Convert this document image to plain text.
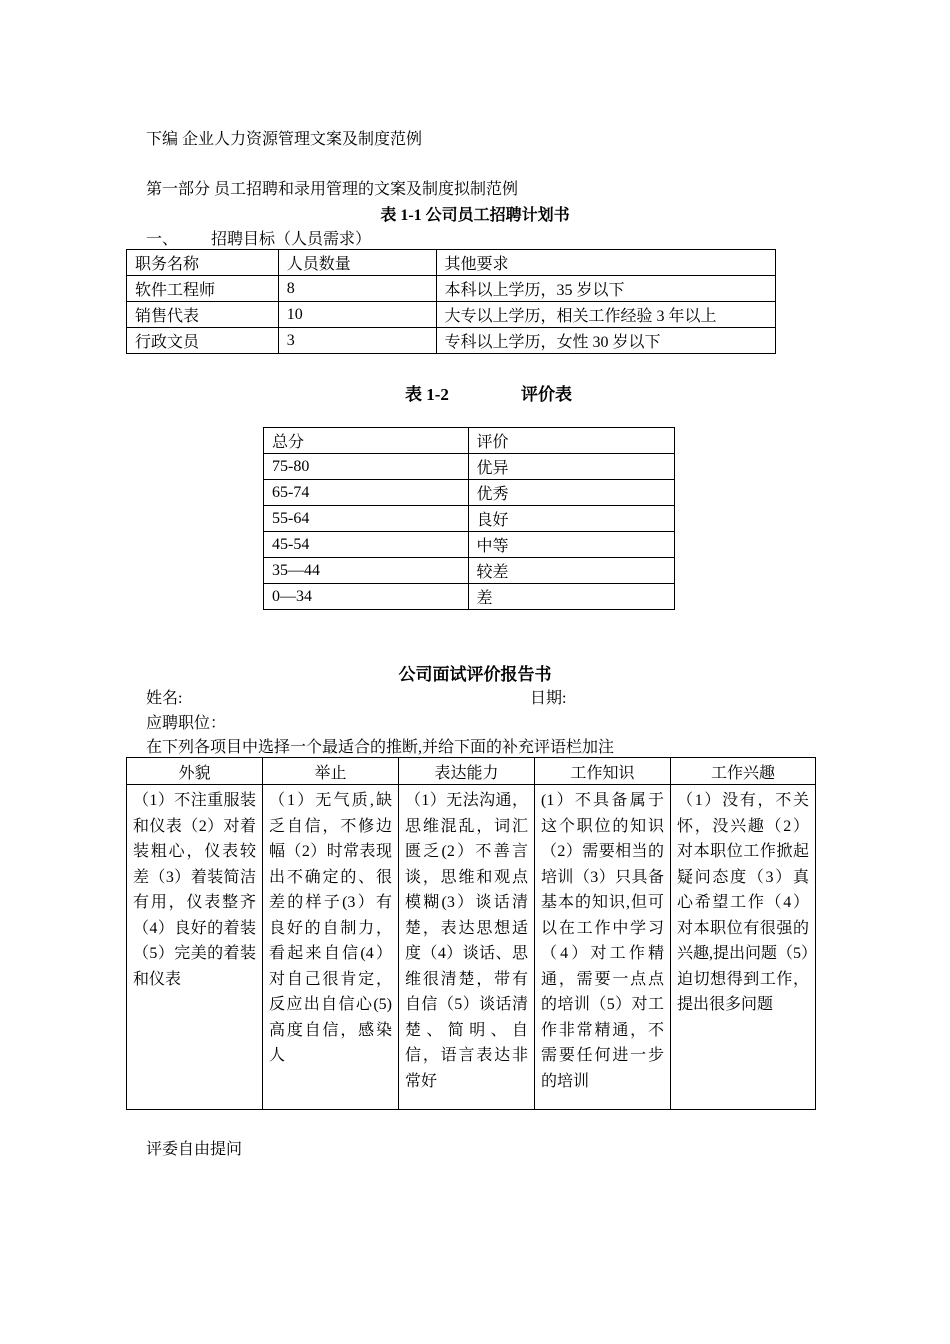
下编 企业人力资源管理文案及制度范例
第一部分 员工招聘和录用管理的文案及制度拟制范例
表 1-1 公司员工招聘计划书
一、 招聘目标（人员需求）
职务名称	人员数量	其他要求
软件工程师	8	本科以上学历，35 岁以下
销售代表	10	大专以上学历，相关工作经验 3 年以上
行政文员	3	专科以上学历，女性 30 岁以下
表 1-2	评价表
总分	评价
75-80	优异
65-74	优秀
55-64	良好
45-54	中等
35—44	较差
0—34	差
公司面试评价报告书
姓名:	日期:
应聘职位：
在下列各项目中选择一个最适合的推断,并给下面的补充评语栏加注
外貌	举止	表达能力	工作知识	工作兴趣
（1）不注重服装和仪表（2）对着装粗心，仪表较差（3）着装简洁有用，仪表整齐（4）良好的着装（5）完美的着装和仪表	（1）无气质,缺乏自信，不修边幅（2）时常表现出不确定的、很差的样子(3）有良好的自制力，看起来自信(4）对自己很肯定，反应出自信心(5)高度自信，感染人	（1）无法沟通，思维混乱，词汇匮乏(2）不善言谈，思维和观点模糊(3）谈话清楚，表达思想适度（4）谈话、思维很清楚，带有自信（5）谈话清楚、简明、自信，语言表达非常好	(1）不具备属于这个职位的知识（2）需要相当的培训（3）只具备基本的知识,但可以在工作中学习（4）对工作精通，需要一点点的培训（5）对工作非常精通，不需要任何进一步的培训	（1）没有，不关怀，没兴趣（2）对本职位工作掀起疑问态度（3）真心希望工作（4）对本职位有很强的兴趣,提出问题（5）迫切想得到工作，提出很多问题
评委自由提问
